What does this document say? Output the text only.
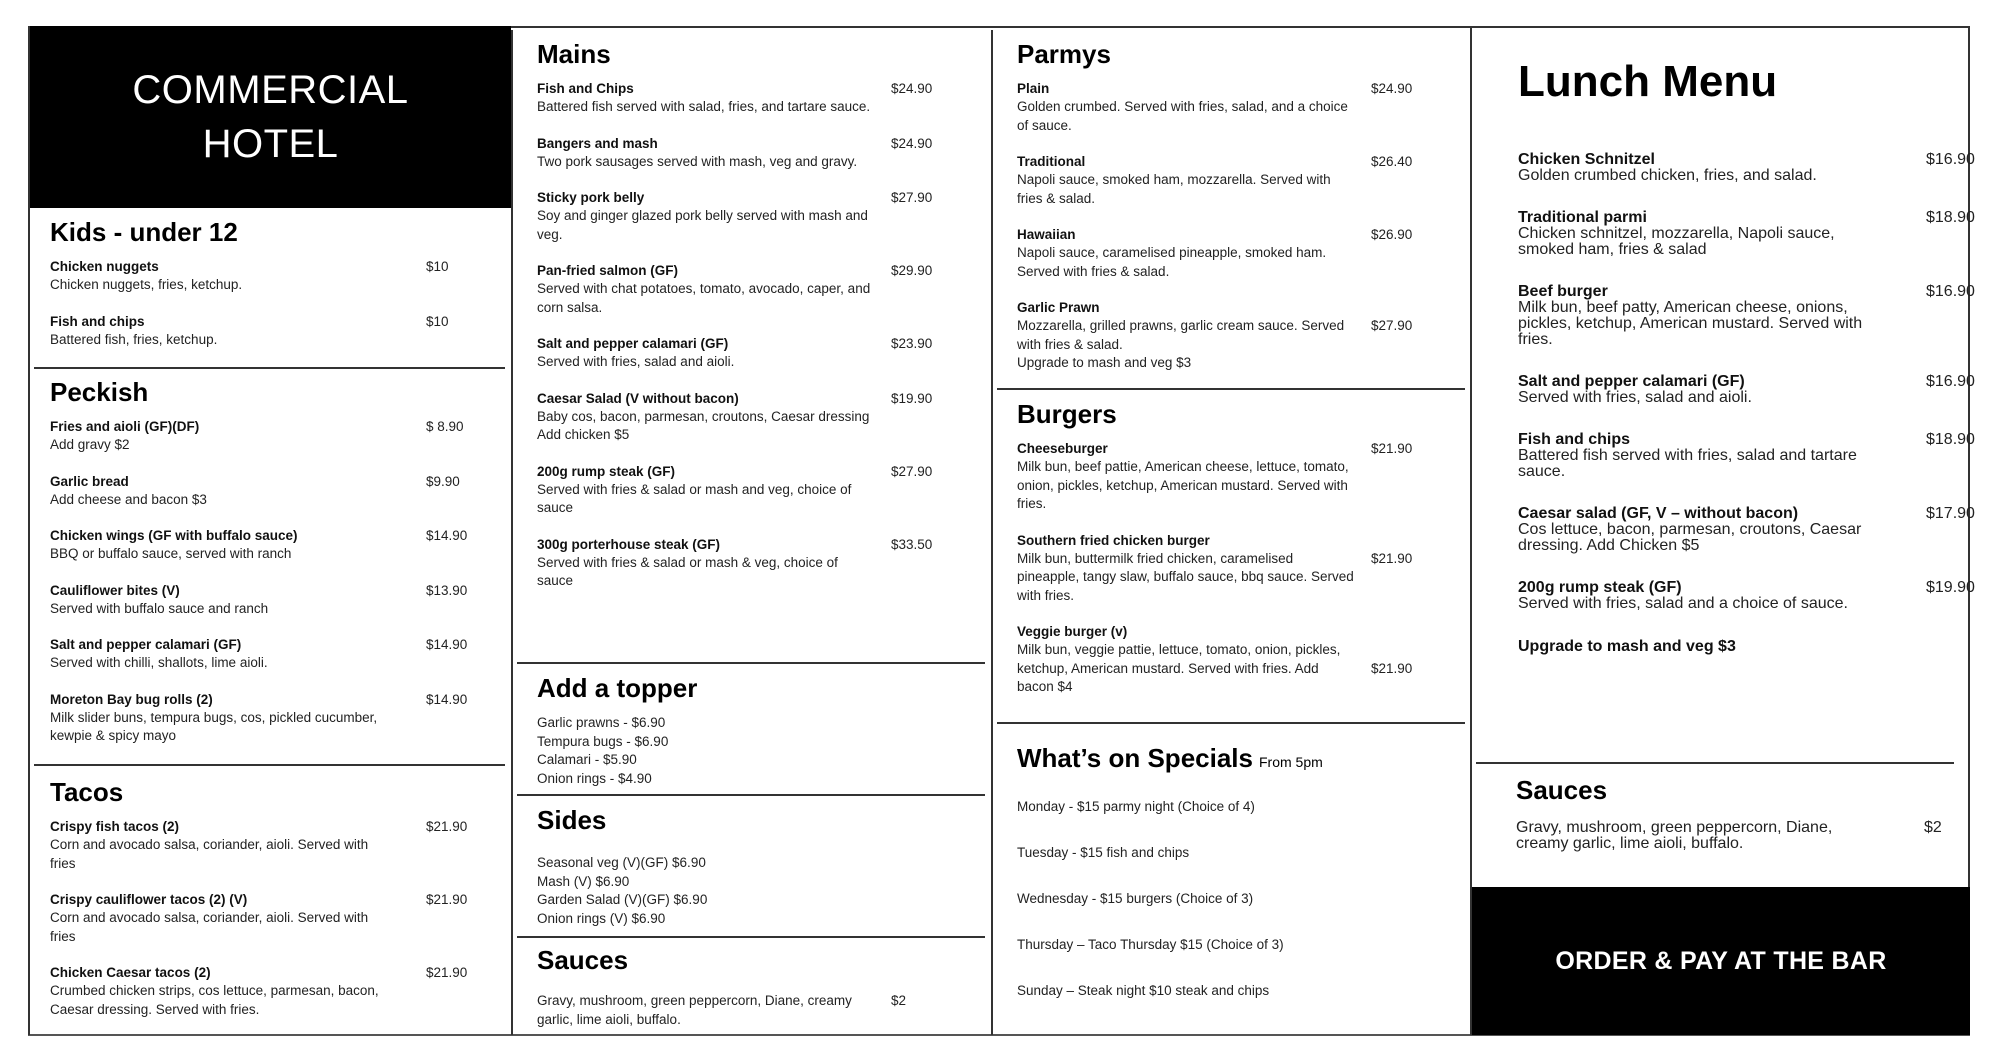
COMMERCIAL
HOTEL
Kids - under 12
Chicken nuggets
Chicken nuggets, fries, ketchup.
$10
Fish and chips
Battered fish, fries, ketchup.
$10
Peckish
Fries and aioli (GF)(DF)
Add gravy $2
$ 8.90
Garlic bread
Add cheese and bacon $3
$9.90
Chicken wings (GF with buffalo sauce)
BBQ or buffalo sauce, served with ranch
$14.90
Cauliflower bites (V)
Served with buffalo sauce and ranch
$13.90
Salt and pepper calamari (GF)
Served with chilli, shallots, lime aioli.
$14.90
Moreton Bay bug rolls (2)
Milk slider buns, tempura bugs, cos, pickled cucumber, kewpie & spicy mayo
$14.90
Tacos
Crispy fish tacos (2)
Corn and avocado salsa, coriander, aioli. Served with fries
$21.90
Crispy cauliflower tacos (2) (V)
Corn and avocado salsa, coriander, aioli. Served with fries
$21.90
Chicken Caesar tacos (2)
Crumbed chicken strips, cos lettuce, parmesan, bacon, Caesar dressing. Served with fries.
$21.90
Mains
Fish and Chips
Battered fish served with salad, fries, and tartare sauce.
$24.90
Bangers and mash
Two pork sausages served with mash, veg and gravy.
$24.90
Sticky pork belly
Soy and ginger glazed pork belly served with mash and veg.
$27.90
Pan-fried salmon (GF)
Served with chat potatoes, tomato, avocado, caper, and corn salsa.
$29.90
Salt and pepper calamari (GF)
Served with fries, salad and aioli.
$23.90
Caesar Salad (V without bacon)
Baby cos, bacon, parmesan, croutons, Caesar dressing
Add chicken $5
$19.90
200g rump steak (GF)
Served with fries & salad or mash and veg, choice of sauce
$27.90
300g porterhouse steak (GF)
Served with fries & salad or mash & veg, choice of sauce
$33.50
Add a topper
Garlic prawns - $6.90
Tempura bugs - $6.90
Calamari - $5.90
Onion rings - $4.90
Sides
Seasonal veg (V)(GF) $6.90
Mash (V) $6.90
Garden Salad (V)(GF) $6.90
Onion rings (V) $6.90
Sauces
Gravy, mushroom, green peppercorn, Diane, creamy garlic, lime aioli, buffalo.
$2
Parmys
Plain
Golden crumbed. Served with fries, salad, and a choice of sauce.
$24.90
Traditional
Napoli sauce, smoked ham, mozzarella. Served with fries & salad.
$26.40
Hawaiian
Napoli sauce, caramelised pineapple, smoked ham. Served with fries & salad.
$26.90
Garlic Prawn
Mozzarella, grilled prawns, garlic cream sauce. Served with fries & salad.
Upgrade to mash and veg $3
$27.90
Burgers
Cheeseburger
Milk bun, beef pattie, American cheese, lettuce, tomato, onion, pickles, ketchup, American mustard. Served with fries.
$21.90
Southern fried chicken burger
Milk bun, buttermilk fried chicken, caramelised pineapple, tangy slaw, buffalo sauce, bbq sauce. Served with fries.
$21.90
Veggie burger (v)
Milk bun, veggie pattie, lettuce, tomato, onion, pickles, ketchup, American mustard. Served with fries. Add bacon $4
$21.90
What’s on Specials From 5pm
Monday - $15 parmy night (Choice of 4)
Tuesday - $15 fish and chips
Wednesday - $15 burgers (Choice of 3)
Thursday – Taco Thursday $15 (Choice of 3)
Sunday – Steak night $10 steak and chips
Lunch Menu
Chicken Schnitzel
Golden crumbed chicken, fries, and salad.
$16.90
Traditional parmi
Chicken schnitzel, mozzarella, Napoli sauce, smoked ham, fries & salad
$18.90
Beef burger
Milk bun, beef patty, American cheese, onions, pickles, ketchup, American mustard. Served with fries.
$16.90
Salt and pepper calamari (GF)
Served with fries, salad and aioli.
$16.90
Fish and chips
Battered fish served with fries, salad and tartare sauce.
$18.90
Caesar salad (GF, V – without bacon)
Cos lettuce, bacon, parmesan, croutons, Caesar dressing. Add Chicken $5
$17.90
200g rump steak (GF)
Served with fries, salad and a choice of sauce.
$19.90
Upgrade to mash and veg $3
Sauces
Gravy, mushroom, green peppercorn, Diane, creamy garlic, lime aioli, buffalo.
$2
ORDER & PAY AT THE BAR
